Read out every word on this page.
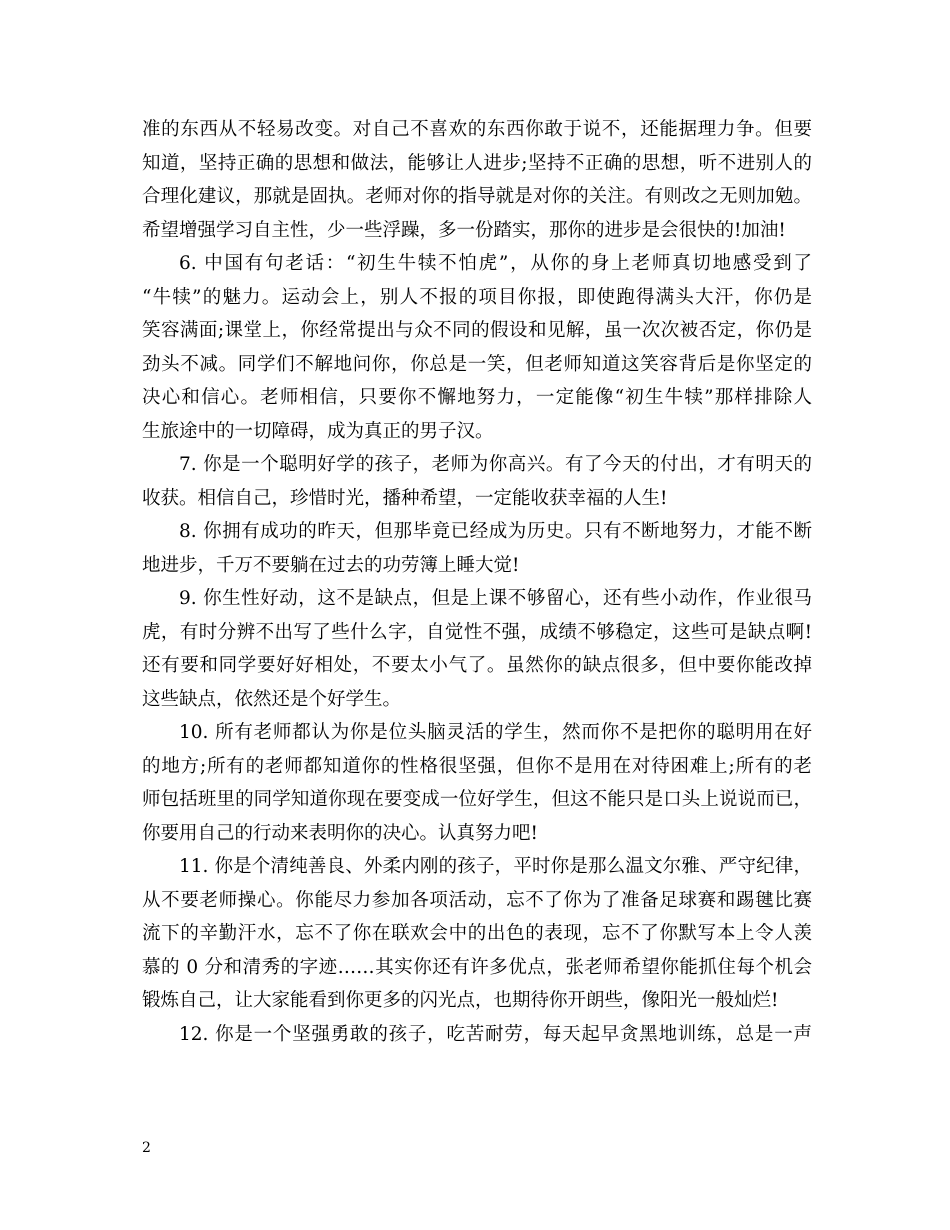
准的东西从不轻易改变。对自己不喜欢的东西你敢于说不，还能据理力争。但要
知道，坚持正确的思想和做法，能够让人进步;坚持不正确的思想，听不进别人的
合理化建议，那就是固执。老师对你的指导就是对你的关注。有则改之无则加勉。
希望增强学习自主性，少一些浮躁，多一份踏实，那你的进步是会很快的!加油!
6. 中国有句老话：“初生牛犊不怕虎”，从你的身上老师真切地感受到了
“牛犊”的魅力。运动会上，别人不报的项目你报，即使跑得满头大汗，你仍是
笑容满面;课堂上，你经常提出与众不同的假设和见解，虽一次次被否定，你仍是
劲头不减。同学们不解地问你，你总是一笑，但老师知道这笑容背后是你坚定的
决心和信心。老师相信，只要你不懈地努力，一定能像“初生牛犊”那样排除人
生旅途中的一切障碍，成为真正的男子汉。
7. 你是一个聪明好学的孩子，老师为你高兴。有了今天的付出，才有明天的
收获。相信自己，珍惜时光，播种希望，一定能收获幸福的人生!
8. 你拥有成功的昨天，但那毕竟已经成为历史。只有不断地努力，才能不断
地进步，千万不要躺在过去的功劳簿上睡大觉!
9. 你生性好动，这不是缺点，但是上课不够留心，还有些小动作，作业很马
虎，有时分辨不出写了些什么字，自觉性不强，成绩不够稳定，这些可是缺点啊!
还有要和同学要好好相处，不要太小气了。虽然你的缺点很多，但中要你能改掉
这些缺点，依然还是个好学生。
10. 所有老师都认为你是位头脑灵活的学生，然而你不是把你的聪明用在好
的地方;所有的老师都知道你的性格很坚强，但你不是用在对待困难上;所有的老
师包括班里的同学知道你现在要变成一位好学生，但这不能只是口头上说说而已，
你要用自己的行动来表明你的决心。认真努力吧!
11. 你是个清纯善良、外柔内刚的孩子，平时你是那么温文尔雅、严守纪律，
从不要老师操心。你能尽力参加各项活动，忘不了你为了准备足球赛和踢毽比赛
流下的辛勤汗水，忘不了你在联欢会中的出色的表现，忘不了你默写本上令人羡
慕的 0 分和清秀的字迹……其实你还有许多优点，张老师希望你能抓住每个机会
锻炼自己，让大家能看到你更多的闪光点，也期待你开朗些，像阳光一般灿烂!
12. 你是一个坚强勇敢的孩子，吃苦耐劳，每天起早贪黑地训练，总是一声
2
